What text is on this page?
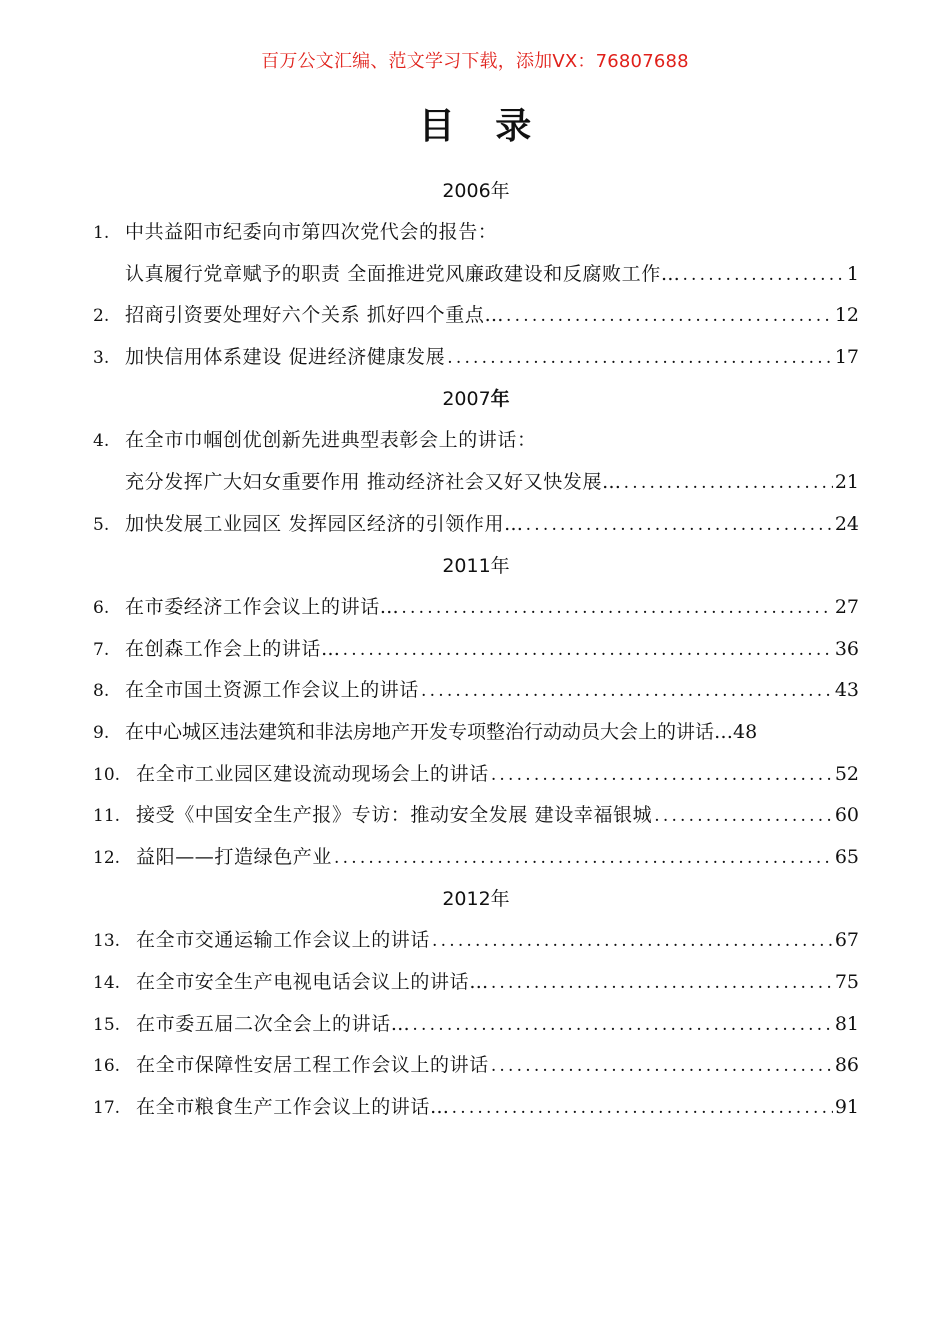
百万公文汇编、范文学习下载，添加VX：76807688
目 录
2006年
1. 中共益阳市纪委向市第四次党代会的报告：
认真履行党章赋予的职责 全面推进党风廉政建设和反腐败工作… .....	1
2. 招商引资要处理好六个关系 抓好四个重点… .....	12
3. 加快信用体系建设 促进经济健康发展 .....	17
2007年
4. 在全市巾帼创优创新先进典型表彰会上的讲话：
充分发挥广大妇女重要作用 推动经济社会又好又快发展… .....	21
5. 加快发展工业园区 发挥园区经济的引领作用… .....	24
2011年
6. 在市委经济工作会议上的讲话… .....	27
7. 在创森工作会上的讲话… .....	36
8. 在全市国土资源工作会议上的讲话 .....	43
9. 在中心城区违法建筑和非法房地产开发专项整治行动动员大会上的讲话… 48
10. 在全市工业园区建设流动现场会上的讲话 .....	52
11. 接受《中国安全生产报》专访：推动安全发展 建设幸福银城 .....	60
12. 益阳——打造绿色产业 .....	65
2012年
13. 在全市交通运输工作会议上的讲话 .....	67
14. 在全市安全生产电视电话会议上的讲话… .....	75
15. 在市委五届二次全会上的讲话… .....	81
16. 在全市保障性安居工程工作会议上的讲话 .....	86
17. 在全市粮食生产工作会议上的讲话… .....	91
